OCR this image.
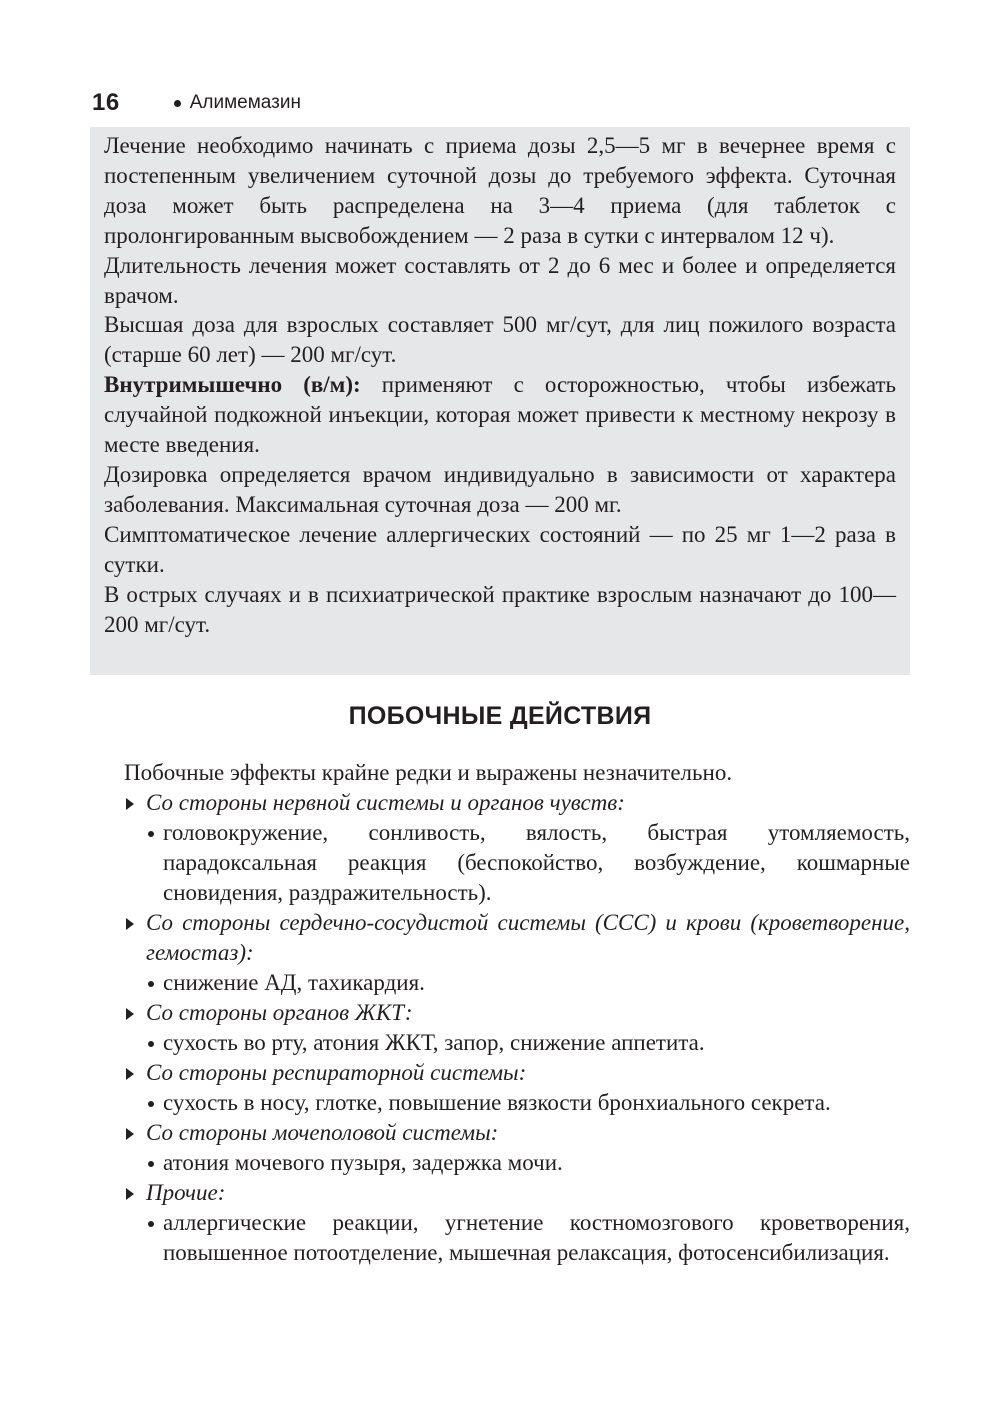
16	Алимемазин

Лечение необходимо начинать с приема дозы 2,5—5 мг в вечернее время с постепенным увеличением суточной дозы до требуемого эффекта. Суточная доза может быть распределена на 3—4 приема (для таблеток с пролонгированным высвобождением — 2 раза в сутки с интервалом 12 ч).

Длительность лечения может составлять от 2 до 6 мес и более и определяется врачом.

Высшая доза для взрослых составляет 500 мг/сут, для лиц пожилого возраста (старше 60 лет) — 200 мг/сут.

Внутримышечно (в/м): применяют с осторожностью, чтобы избежать случайной подкожной инъекции, которая может привести к местному некрозу в месте введения.

Дозировка определяется врачом индивидуально в зависимости от характера заболевания. Максимальная суточная доза — 200 мг.

Симптоматическое лечение аллергических состояний — по 25 мг 1—2 раза в сутки.

В острых случаях и в психиатрической практике взрослым назначают до 100—200 мг/сут.

ПОБОЧНЫЕ ДЕЙСТВИЯ

Побочные эффекты крайне редки и выражены незначительно.

Со стороны нервной системы и органов чувств:

головокружение, сонливость, вялость, быстрая утомляемость, парадоксальная реакция (беспокойство, возбуждение, кошмарные сновидения, раздражительность).

Со стороны сердечно-сосудистой системы (ССС) и крови (кроветворение, гемостаз):

снижение АД, тахикардия.

Со стороны органов ЖКТ:

сухость во рту, атония ЖКТ, запор, снижение аппетита.

Со стороны респираторной системы:

сухость в носу, глотке, повышение вязкости бронхиального секрета.

Со стороны мочеполовой системы:

атония мочевого пузыря, задержка мочи.

Прочие:

аллергические реакции, угнетение костномозгового кроветворения, повышенное потоотделение, мышечная релаксация, фотосенсибилизация.
